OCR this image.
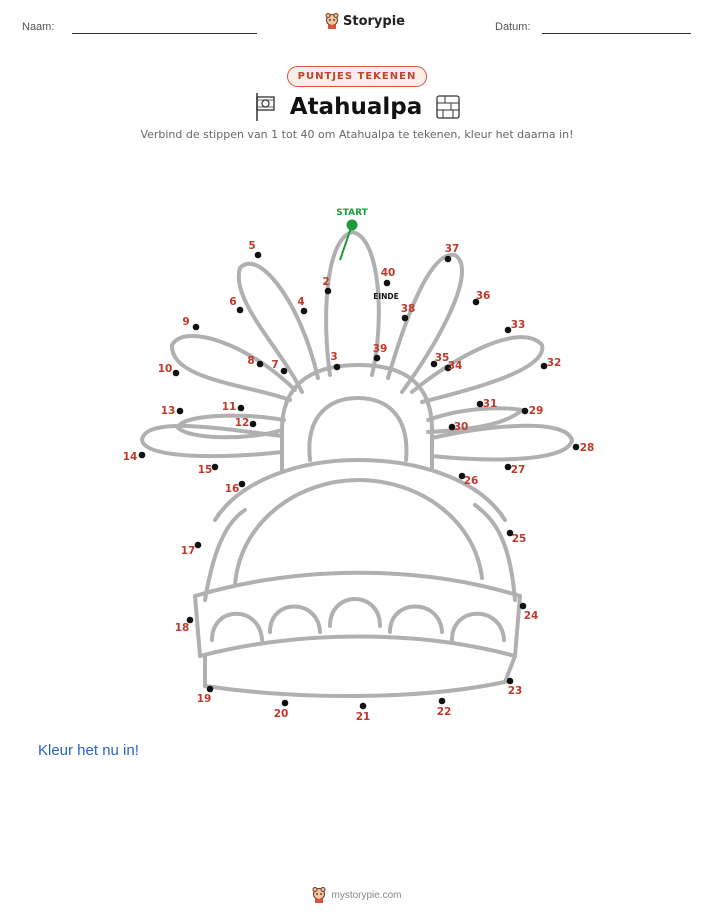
Naam:	Storypie	Datum:
PUNTJES TEKENEN
Atahualpa
Verbind de stippen van 1 tot 40 om Atahualpa te tekenen, kleur het daarna in!
START
EINDE
2
3
4
5
6
7
8
9
10
11
12
13
14
15
16
17
18
19
20	21	22
23
24
25
26
27
28
29
30
31
32
33
34
35
36
37
38
39
40
Kleur het nu in!
mystorypie.com
